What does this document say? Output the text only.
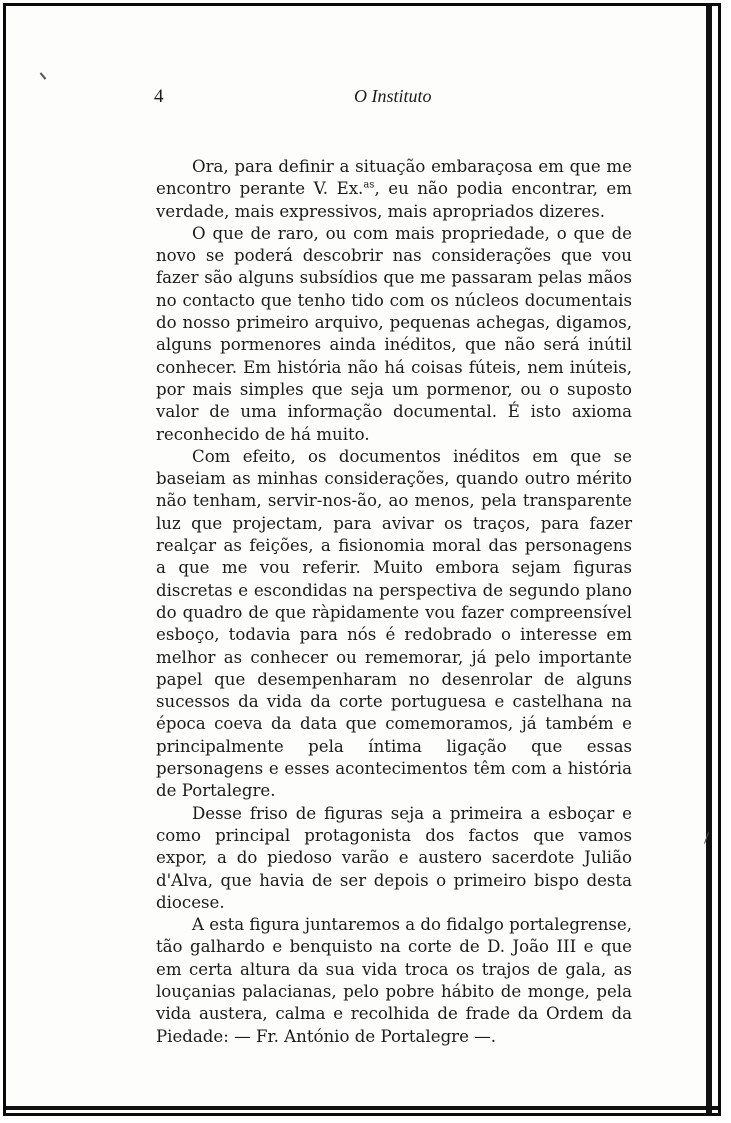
4	O Instituto

Ora, para definir a situação embaraçosa em que me encontro perante V. Ex.$^{as}$, eu não podia encontrar, em verdade, mais expressivos, mais apropriados dizeres.

O que de raro, ou com mais propriedade, o que de novo se poderá descobrir nas considerações que vou fazer são alguns subsídios que me passaram pelas mãos no contacto que tenho tido com os núcleos documentais do nosso primeiro arquivo, pequenas achegas, digamos, alguns pormenores ainda inéditos, que não será inútil conhecer. Em história não há coisas fúteis, nem inúteis, por mais simples que seja um pormenor, ou o suposto valor de uma informação documental. É isto axioma reconhecido de há muito.

Com efeito, os documentos inéditos em que se baseiam as minhas considerações, quando outro mérito não tenham, servir-nos-ão, ao menos, pela transparente luz que projectam, para avivar os traços, para fazer realçar as feições, a fisionomia moral das personagens a que me vou referir. Muito embora sejam figuras discretas e escondidas na perspectiva de segundo plano do quadro de que ràpidamente vou fazer compreensível esboço, todavia para nós é redobrado o interesse em melhor as conhecer ou rememorar, já pelo importante papel que desempenharam no desenrolar de alguns sucessos da vida da corte portuguesa e castelhana na época coeva da data que comemoramos, já também e principalmente pela íntima ligação que essas personagens e esses acontecimentos têm com a história de Portalegre.

Desse friso de figuras seja a primeira a esboçar e como principal protagonista dos factos que vamos expor, a do piedoso varão e austero sacerdote Julião d'Alva, que havia de ser depois o primeiro bispo desta diocese.

A esta figura juntaremos a do fidalgo portalegrense, tão galhardo e benquisto na corte de D. João III e que em certa altura da sua vida troca os trajos de gala, as louçanias palacianas, pelo pobre hábito de monge, pela vida austera, calma e recolhida de frade da Ordem da Piedade: — Fr. António de Portalegre —.
